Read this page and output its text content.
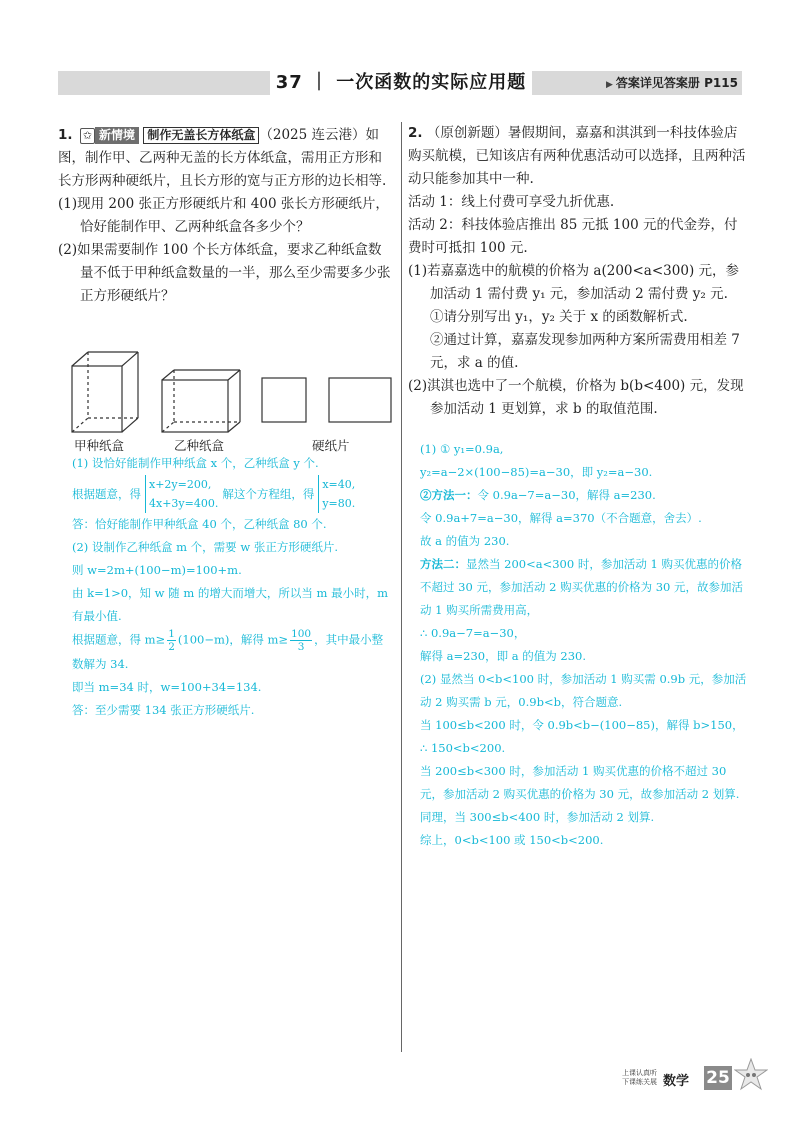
37 ｜ 一次函数的实际应用题	▶ 答案详见答案册 P115

1. ✩ 新情境 制作无盖长方体纸盒 （2025 连云港）如图，制作甲、乙两种无盖的长方体纸盒，需用正方形和长方形两种硬纸片，且长方形的宽与正方形的边长相等.

(1)现用 200 张正方形硬纸片和 400 张长方形硬纸片，恰好能制作甲、乙两种纸盒各多少个？

(2)如果需要制作 100 个长方体纸盒，要求乙种纸盒数量不低于甲种纸盒数量的一半，那么至少需要多少张正方形硬纸片？

甲种纸盒	乙种纸盒	硬纸片

(1) 设恰好能制作甲种纸盒 x 个，乙种纸盒 y 个.

根据题意，得
x+2y=200,
4x+3y=400.
解这个方程组，得
x=40,
y=80.

答：恰好能制作甲种纸盒 40 个，乙种纸盒 80 个.

(2) 设制作乙种纸盒 m 个，需要 w 张正方形硬纸片.

则 w=2m+(100−m)=100+m.

由 k=1>0，知 w 随 m 的增大而增大，所以当 m 最小时，m 有最小值.

根据题意，得 $m\ge \frac{1}{2} (100-m)$，解得 $m\ge \frac{100}{3}$ ，其中最小整数解为 34.

即当 m=34 时，w=100+34=134.

答：至少需要 134 张正方形硬纸片.

2. （原创新题）暑假期间，嘉嘉和淇淇到一科技体验店购买航模，已知该店有两种优惠活动可以选择，且两种活动只能参加其中一种.

活动 1：线上付费可享受九折优惠.

活动 2：科技体验店推出 85 元抵 100 元的代金券，付费时可抵扣 100 元.

(1)若嘉嘉选中的航模的价格为 a(200<a<300) 元，参加活动 1 需付费 y₁ 元，参加活动 2 需付费 y₂ 元.

①请分别写出 y₁，y₂ 关于 x 的函数解析式.

②通过计算，嘉嘉发现参加两种方案所需费用相差 7 元，求 a 的值.

(2)淇淇也选中了一个航模，价格为 b(b<400) 元，发现参加活动 1 更划算，求 b 的取值范围.

(1) ① y₁=0.9a,

y₂=a−2×(100−85)=a−30，即 y₂=a−30.

②方法一：令 0.9a−7=a−30，解得 a=230.

令 0.9a+7=a−30，解得 a=370（不合题意，舍去）.

故 a 的值为 230.

方法二：显然当 200<a<300 时，参加活动 1 购买优惠的价格不超过 30 元，参加活动 2 购买优惠的价格为 30 元，故参加活动 1 购买所需费用高，

∴ 0.9a−7=a−30，

解得 a=230，即 a 的值为 230.

(2) 显然当 0<b<100 时，参加活动 1 购买需 0.9b 元，参加活动 2 购买需 b 元，0.9b<b，符合题意.

当 100≤b<200 时，令 0.9b<b−(100−85)，解得 b>150，

∴ 150<b<200.

当 200≤b<300 时，参加活动 1 购买优惠的价格不超过 30 元，参加活动 2 购买优惠的价格为 30 元，故参加活动 2 划算.

同理，当 300≤b<400 时，参加活动 2 划算.

综上，0<b<100 或 150<b<200.

上课认真听
下课练关展 数学 25
